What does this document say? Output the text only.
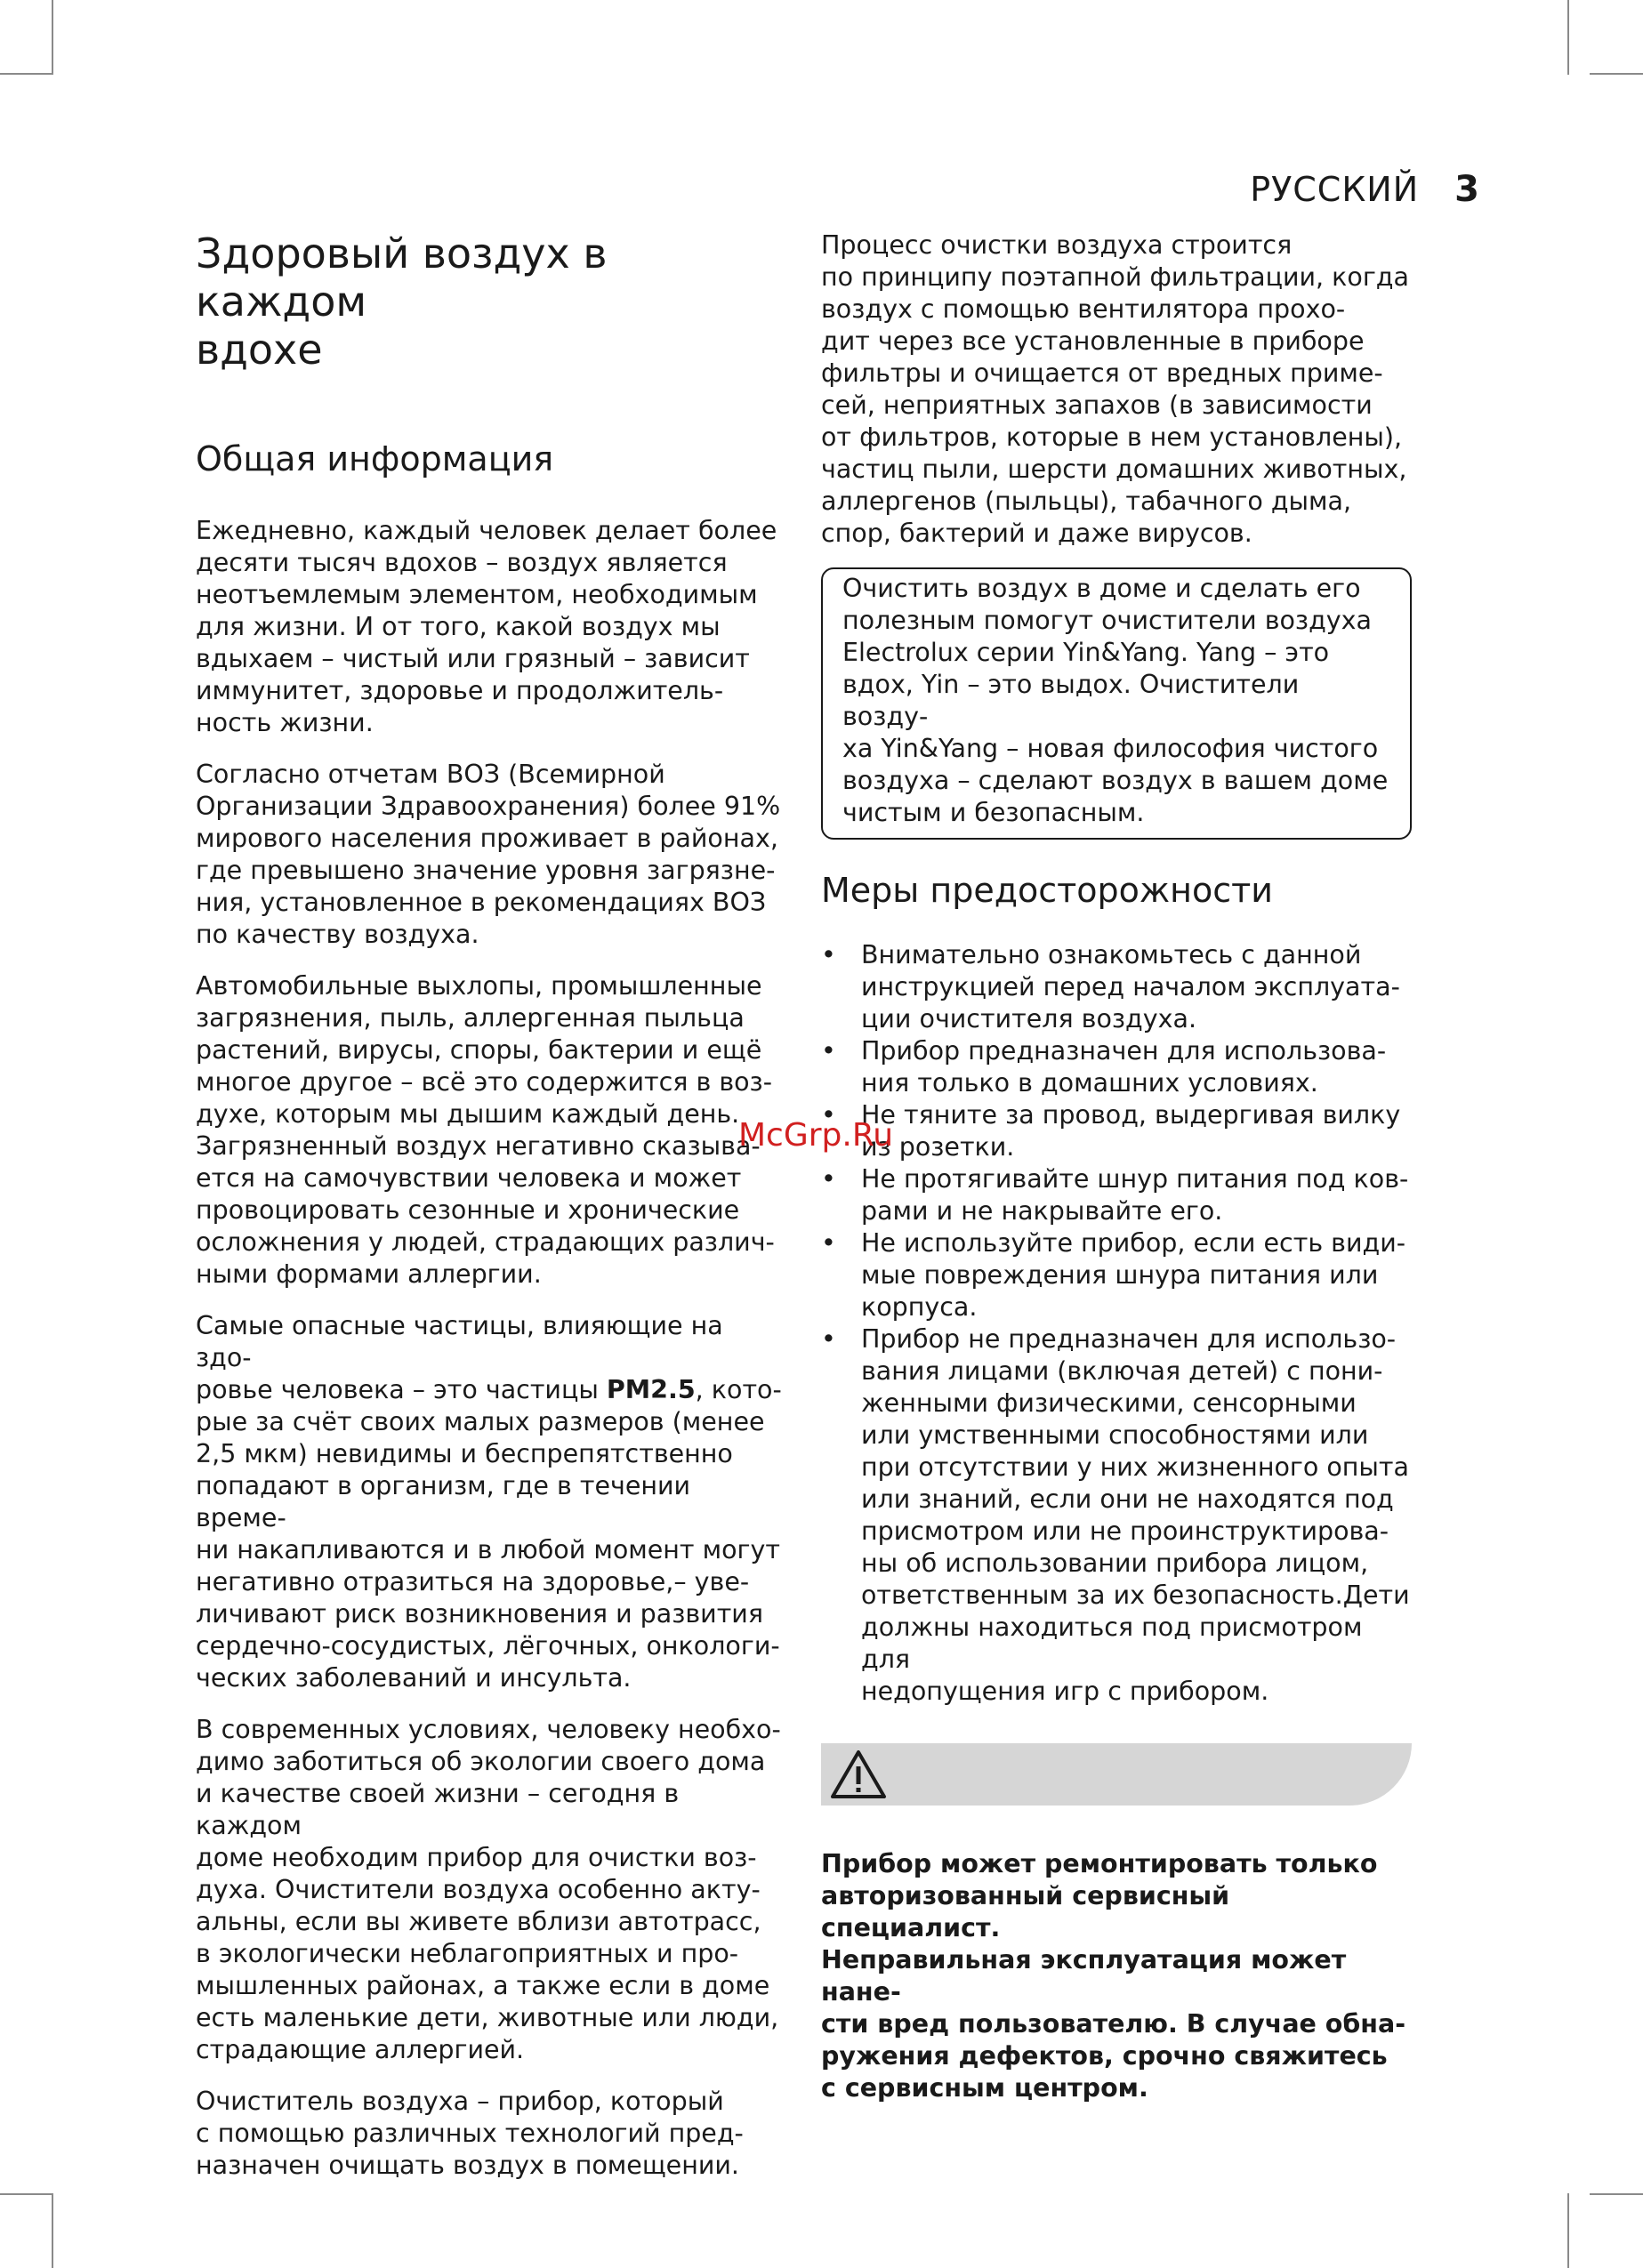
РУССКИЙ 3
Здоровый воздух в каждом
вдохе
Общая информация

Ежедневно, каждый человек делает более
десяти тысяч вдохов – воздух является
неотъемлемым элементом, необходимым
для жизни. И от того, какой воздух мы
вдыхаем – чистый или грязный – зависит
иммунитет, здоровье и продолжитель-
ность жизни.

Согласно отчетам ВОЗ (Всемирной
Организации Здравоохранения) более 91%
мирового населения проживает в районах,
где превышено значение уровня загрязне-
ния, установленное в рекомендациях ВОЗ
по качеству воздуха.

Автомобильные выхлопы, промышленные
загрязнения, пыль, аллергенная пыльца
растений, вирусы, споры, бактерии и ещё
многое другое – всё это содержится в воз-
духе, которым мы дышим каждый день.
Загрязненный воздух негативно сказыва-
ется на самочувствии человека и может
провоцировать сезонные и хронические
осложнения у людей, страдающих различ-
ными формами аллергии.

Самые опасные частицы, влияющие на здо-
ровье человека – это частицы PM2.5, кото-
рые за счёт своих малых размеров (менее
2,5 мкм) невидимы и беспрепятственно
попадают в организм, где в течении време-
ни накапливаются и в любой момент могут
негативно отразиться на здоровье,– уве-
личивают риск возникновения и развития
сердечно-сосудистых, лёгочных, онкологи-
ческих заболеваний и инсульта.

В современных условиях, человеку необхо-
димо заботиться об экологии своего дома
и качестве своей жизни – сегодня в каждом
доме необходим прибор для очистки воз-
духа. Очистители воздуха особенно акту-
альны, если вы живете вблизи автотрасс,
в экологически неблагоприятных и про-
мышленных районах, а также если в доме
есть маленькие дети, животные или люди,
страдающие аллергией.

Очиститель воздуха – прибор, который
с помощью различных технологий пред-
назначен очищать воздух в помещении.

Процесс очистки воздуха строится
по принципу поэтапной фильтрации, когда
воздух с помощью вентилятора прохо-
дит через все установленные в приборе
фильтры и очищается от вредных приме-
сей, неприятных запахов (в зависимости
от фильтров, которые в нем установлены),
частиц пыли, шерсти домашних животных,
аллергенов (пыльцы), табачного дыма,
спор, бактерий и даже вирусов.

Очистить воздух в доме и сделать его
полезным помогут очистители воздуха
Electrolux серии Yin&Yang. Yang – это
вдох, Yin – это выдох. Очистители возду-
ха Yin&Yang – новая философия чистого
воздуха – сделают воздух в вашем доме
чистым и безопасным.

Меры предосторожности
• Внимательно ознакомьтесь с данной
инструкцией перед началом эксплуата-
ции очистителя воздуха.
• Прибор предназначен для использова-
ния только в домашних условиях.
• Не тяните за провод, выдергивая вилку
из розетки.
• Не протягивайте шнур питания под ков-
рами и не накрывайте его.
• Не используйте прибор, если есть види-
мые повреждения шнура питания или
корпуса.
• Прибор не предназначен для использо-
вания лицами (включая детей) с пони-
женными физическими, сенсорными
или умственными способностями или
при отсутствии у них жизненного опыта
или знаний, если они не находятся под
присмотром или не проинструктирова-
ны об использовании прибора лицом,
ответственным за их безопасность.Дети
должны находиться под присмотром для
недопущения игр с прибором.

Прибор может ремонтировать только
авторизованный сервисный специалист.
Неправильная эксплуатация может нане-
сти вред пользователю. В случае обна-
ружения дефектов, срочно свяжитесь
с сервисным центром.

McGrp.Ru
